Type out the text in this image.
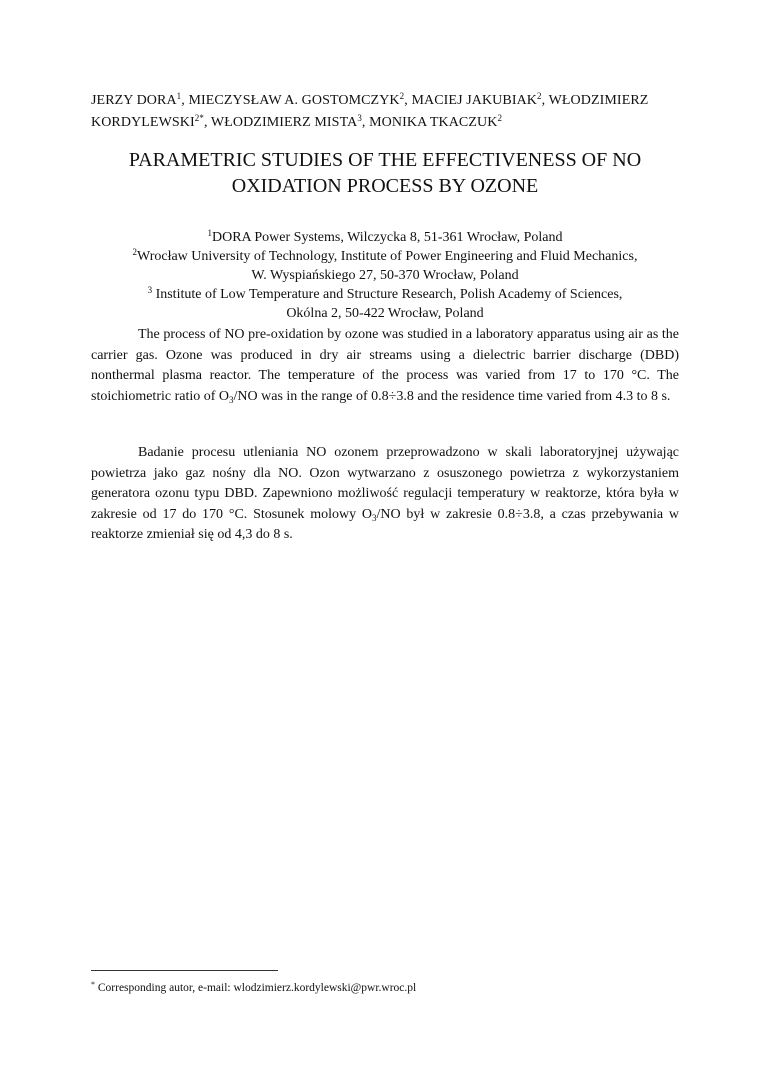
JERZY DORA$^1$, MIECZYSŁAW A. GOSTOMCZYK$^2$, MACIEJ JAKUBIAK$^2$, WŁODZIMIERZ $KORDYLEWSKI^{2*}$, WŁODZIMIERZ MISTA$^3$, MONIKA TKACZUK$^2$
PARAMETRIC STUDIES OF THE EFFECTIVENESS OF NO
OXIDATION PROCESS BY OZONE
$^1$DORA Power Systems, Wilczycka 8, 51-361 Wrocław, Poland
$^2$Wrocław University of Technology, Institute of Power Engineering and Fluid Mechanics,
W. Wyspiańskiego 27, 50-370 Wrocław, Poland
$^3$ Institute of Low Temperature and Structure Research, Polish Academy of Sciences,
Okólna 2, 50-422 Wrocław, Poland

The process of NO pre-oxidation by ozone was studied in a laboratory apparatus using air as the carrier gas. Ozone was produced in dry air streams using a dielectric barrier discharge (DBD) nonthermal plasma reactor. The temperature of the process was varied from 17 to 170 °C. The stoichiometric ratio of $O_3/NO$ was in the range of 0.8÷3.8 and the residence time varied from 4.3 to 8 s.

Badanie procesu utleniania NO ozonem przeprowadzono w skali laboratoryjnej używając powietrza jako gaz nośny dla NO. Ozon wytwarzano z osuszonego powietrza z wykorzystaniem generatora ozonu typu DBD. Zapewniono możliwość regulacji temperatury w reaktorze, która była w zakresie od 17 do 170 °C. Stosunek molowy $O_3/NO$ był w zakresie 0.8÷3.8, a czas przebywania w reaktorze zmieniał się od 4,3 do 8 s.

* Corresponding autor, e-mail: wlodzimierz.kordylewski@pwr.wroc.pl
